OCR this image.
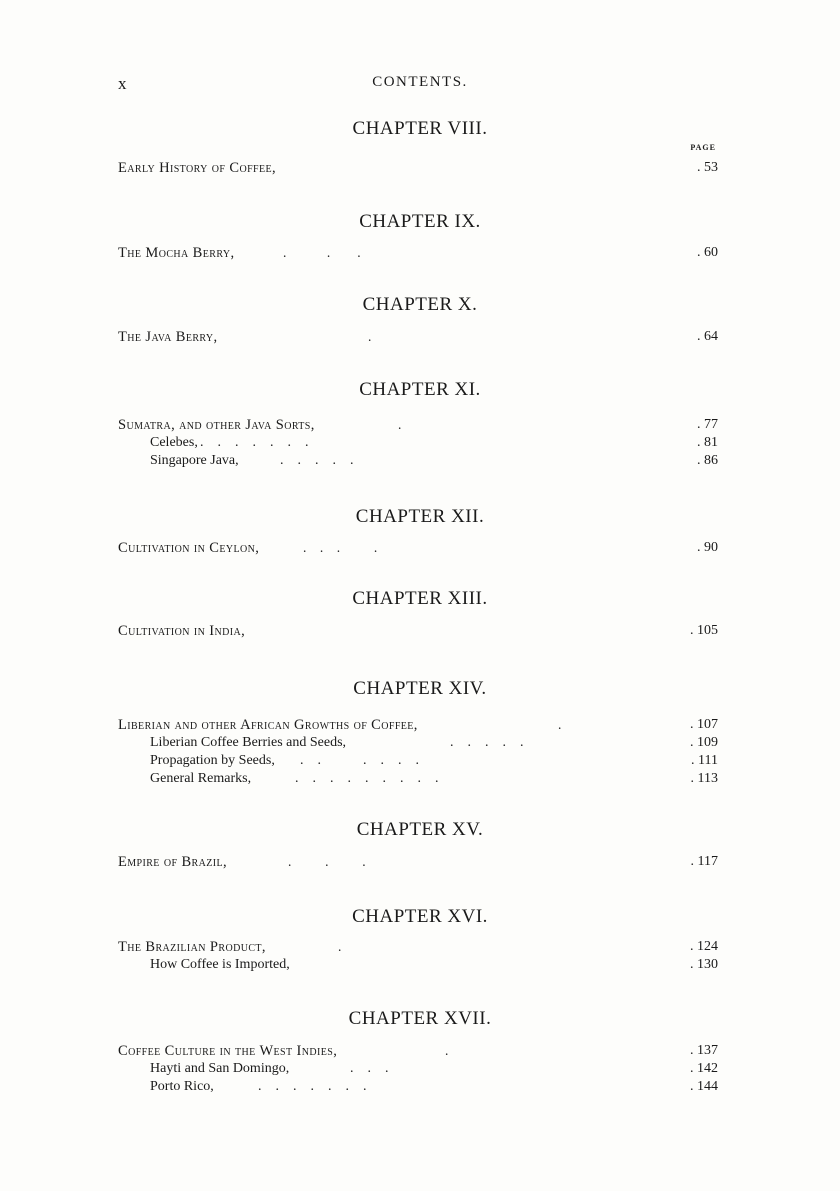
x	CONTENTS.
PAGE
CHAPTER VIII.
Early History of Coffee,	. 53
CHAPTER IX.
The Mocha Berry,	.            .        .	. 60
CHAPTER X.
The Java Berry,	.	. 64
CHAPTER XI.
Sumatra, and other Java Sorts,	.	. 77
Celebes, .    .    .    .    .    .    .	. 81
Singapore Java,	.    .    .    .    .	. 86
CHAPTER XII.
Cultivation in Ceylon,	.    .    .          .	. 90
CHAPTER XIII.
Cultivation in India,	. 105
CHAPTER XIV.
Liberian and other African Growths of Coffee,	.	. 107
Liberian Coffee Berries and Seeds,	.    .    .    .    .	. 109
Propagation by Seeds, .    .            .    .    .    .	. 111
General Remarks,	.    .    .    .    .    .    .    .    .	. 113
CHAPTER XV.
Empire of Brazil,	.          .          .	. 117
CHAPTER XVI.
The Brazilian Product,	.	. 124
How Coffee is Imported,	. 130
CHAPTER XVII.
Coffee Culture in the West Indies,	.	. 137
Hayti and San Domingo,	.    .    .	. 142
Porto Rico,	.    .    .    .    .    .    .	. 144
